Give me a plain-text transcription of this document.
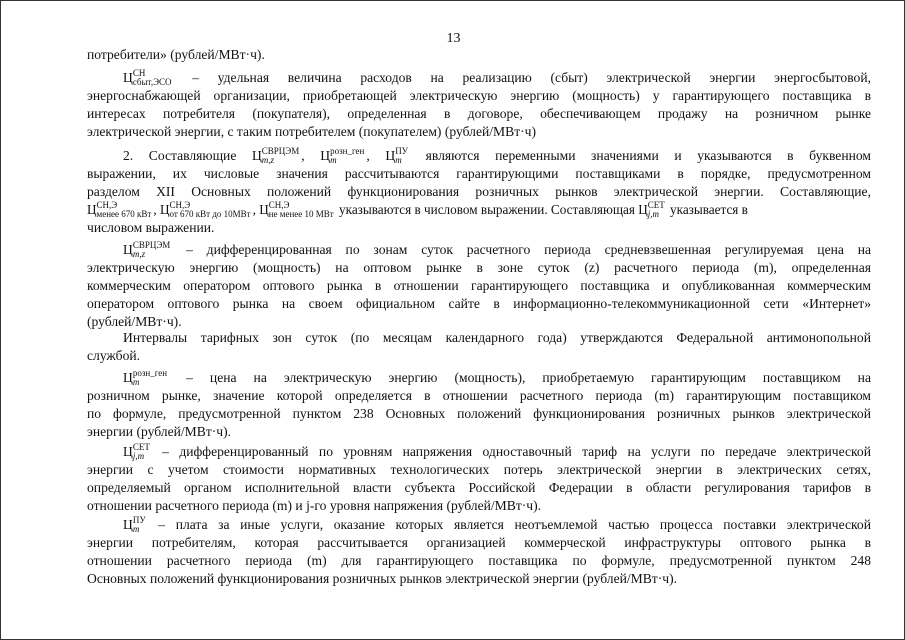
13
потребители» (рублей/МВт·ч).
Ц СН
сбыт,ЭСО – удельная величина расходов на реализацию (сбыт) электрической энергии энергосбытовой,
энергоснабжающей организации, приобретающей электрическую энергию (мощность) у гарантирующего поставщика в
интересах потребителя (покупателя), определенная в договоре, обеспечивающем продажу на розничном рынке
электрической энергии, с таким потребителем (покупателем) (рублей/МВт·ч)
2. Составляющие Ц СВРЦЭМ
m,z	, Ц розн_ген
m	, Ц ПУ
m являются переменными значениями и указываются в буквенном
выражении, их числовые значения рассчитываются гарантирующими поставщиками в порядке, предусмотренном
разделом XII Основных положений функционирования розничных рынков электрической энергии. Составляющие,
Ц СН,Э
менее 670 кВт , Ц СН,Э
от 670 кВт до 10МВт , Ц СН,Э
не менее 10 МВт указываются в числовом выражении. Составляющая Ц СЕТ
j,m указывается в
числовом выражении.
Ц СВРЦЭМ
m,z	– дифференцированная по зонам суток расчетного периода средневзвешенная регулируемая цена на
электрическую энергию (мощность) на оптовом рынке в зоне суток (z) расчетного периода (m), определенная
коммерческим оператором оптового рынка в отношении гарантирующего поставщика и опубликованная коммерческим
оператором оптового рынка на своем официальном сайте в информационно-телекоммуникационной сети «Интернет»
(рублей/МВт·ч).
Интервалы тарифных зон суток (по месяцам календарного года) утверждаются Федеральной антимонопольной
службой.
Ц розн_ген
m	– цена на электрическую энергию (мощность), приобретаемую гарантирующим поставщиком на
розничном рынке, значение которой определяется в отношении расчетного периода (m) гарантирующим поставщиком
по формуле, предусмотренной пунктом 238 Основных положений функционирования розничных рынков электрической
энергии (рублей/МВт·ч).
Ц СЕТ
j,m – дифференцированный по уровням напряжения одноставочный тариф на услуги по передаче электрической
энергии с учетом стоимости нормативных технологических потерь электрической энергии в электрических сетях,
определяемый органом исполнительной власти субъекта Российской Федерации в области регулирования тарифов в
отношении расчетного периода (m) и j-го уровня напряжения (рублей/МВт·ч).
Ц ПУ
m – плата за иные услуги, оказание которых является неотъемлемой частью процесса поставки электрической
энергии потребителям, которая рассчитывается организацией коммерческой инфраструктуры оптового рынка в
отношении расчетного периода (m) для гарантирующего поставщика по формуле, предусмотренной пунктом 248
Основных положений функционирования розничных рынков электрической энергии (рублей/МВт·ч).
